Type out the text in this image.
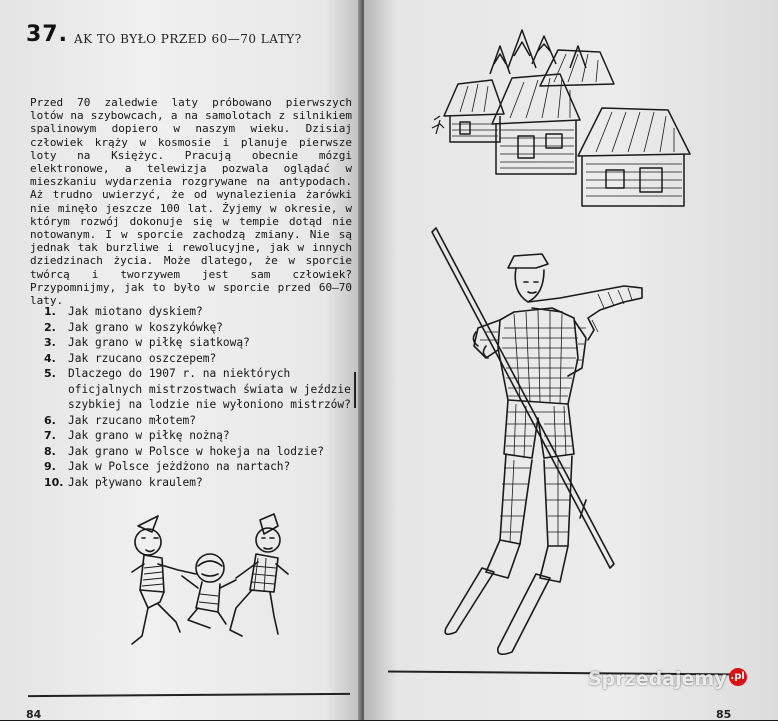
37. AK TO BYŁO PRZED 60—70 LATY?

Przed 70 zaledwie laty próbowano pierwszych lotów na szybowcach, a na samolotach z silnikiem spalinowym dopiero w naszym wieku. Dzisiaj człowiek krąży w kosmosie i planuje pierwsze loty na Księżyc. Pracują obecnie mózgi elektronowe, a telewizja pozwala oglądać w mieszkaniu wydarzenia rozgrywane na antypodach. Aż trudno uwierzyć, że od wynalezienia żarówki nie minęło jeszcze 100 lat. Żyjemy w okresie, w którym rozwój dokonuje się w tempie dotąd nie notowanym. I w sporcie zachodzą zmiany. Nie są jednak tak burzliwe i rewolucyjne, jak w innych dziedzinach życia. Może dlatego, że w sporcie twórcą i tworzywem jest sam człowiek? Przypomnijmy, jak to było w sporcie przed 60—70 laty.

1.	Jak miotano dyskiem?
2.	Jak grano w koszykówkę?
3.	Jak grano w piłkę siatkową?
4.	Jak rzucano oszczepem?
5.	Dlaczego do 1907 r. na niektórych oficjalnych mistrzostwach świata w jeździe szybkiej na lodzie nie wyłoniono mistrzów?
6.	Jak rzucano młotem?
7.	Jak grano w piłkę nożną?
8.	Jak grano w Polsce w hokeja na lodzie?
9.	Jak w Polsce jeżdżono na nartach?
10. Jak pływano kraulem?
84	85
Sprzedajemy .pl
